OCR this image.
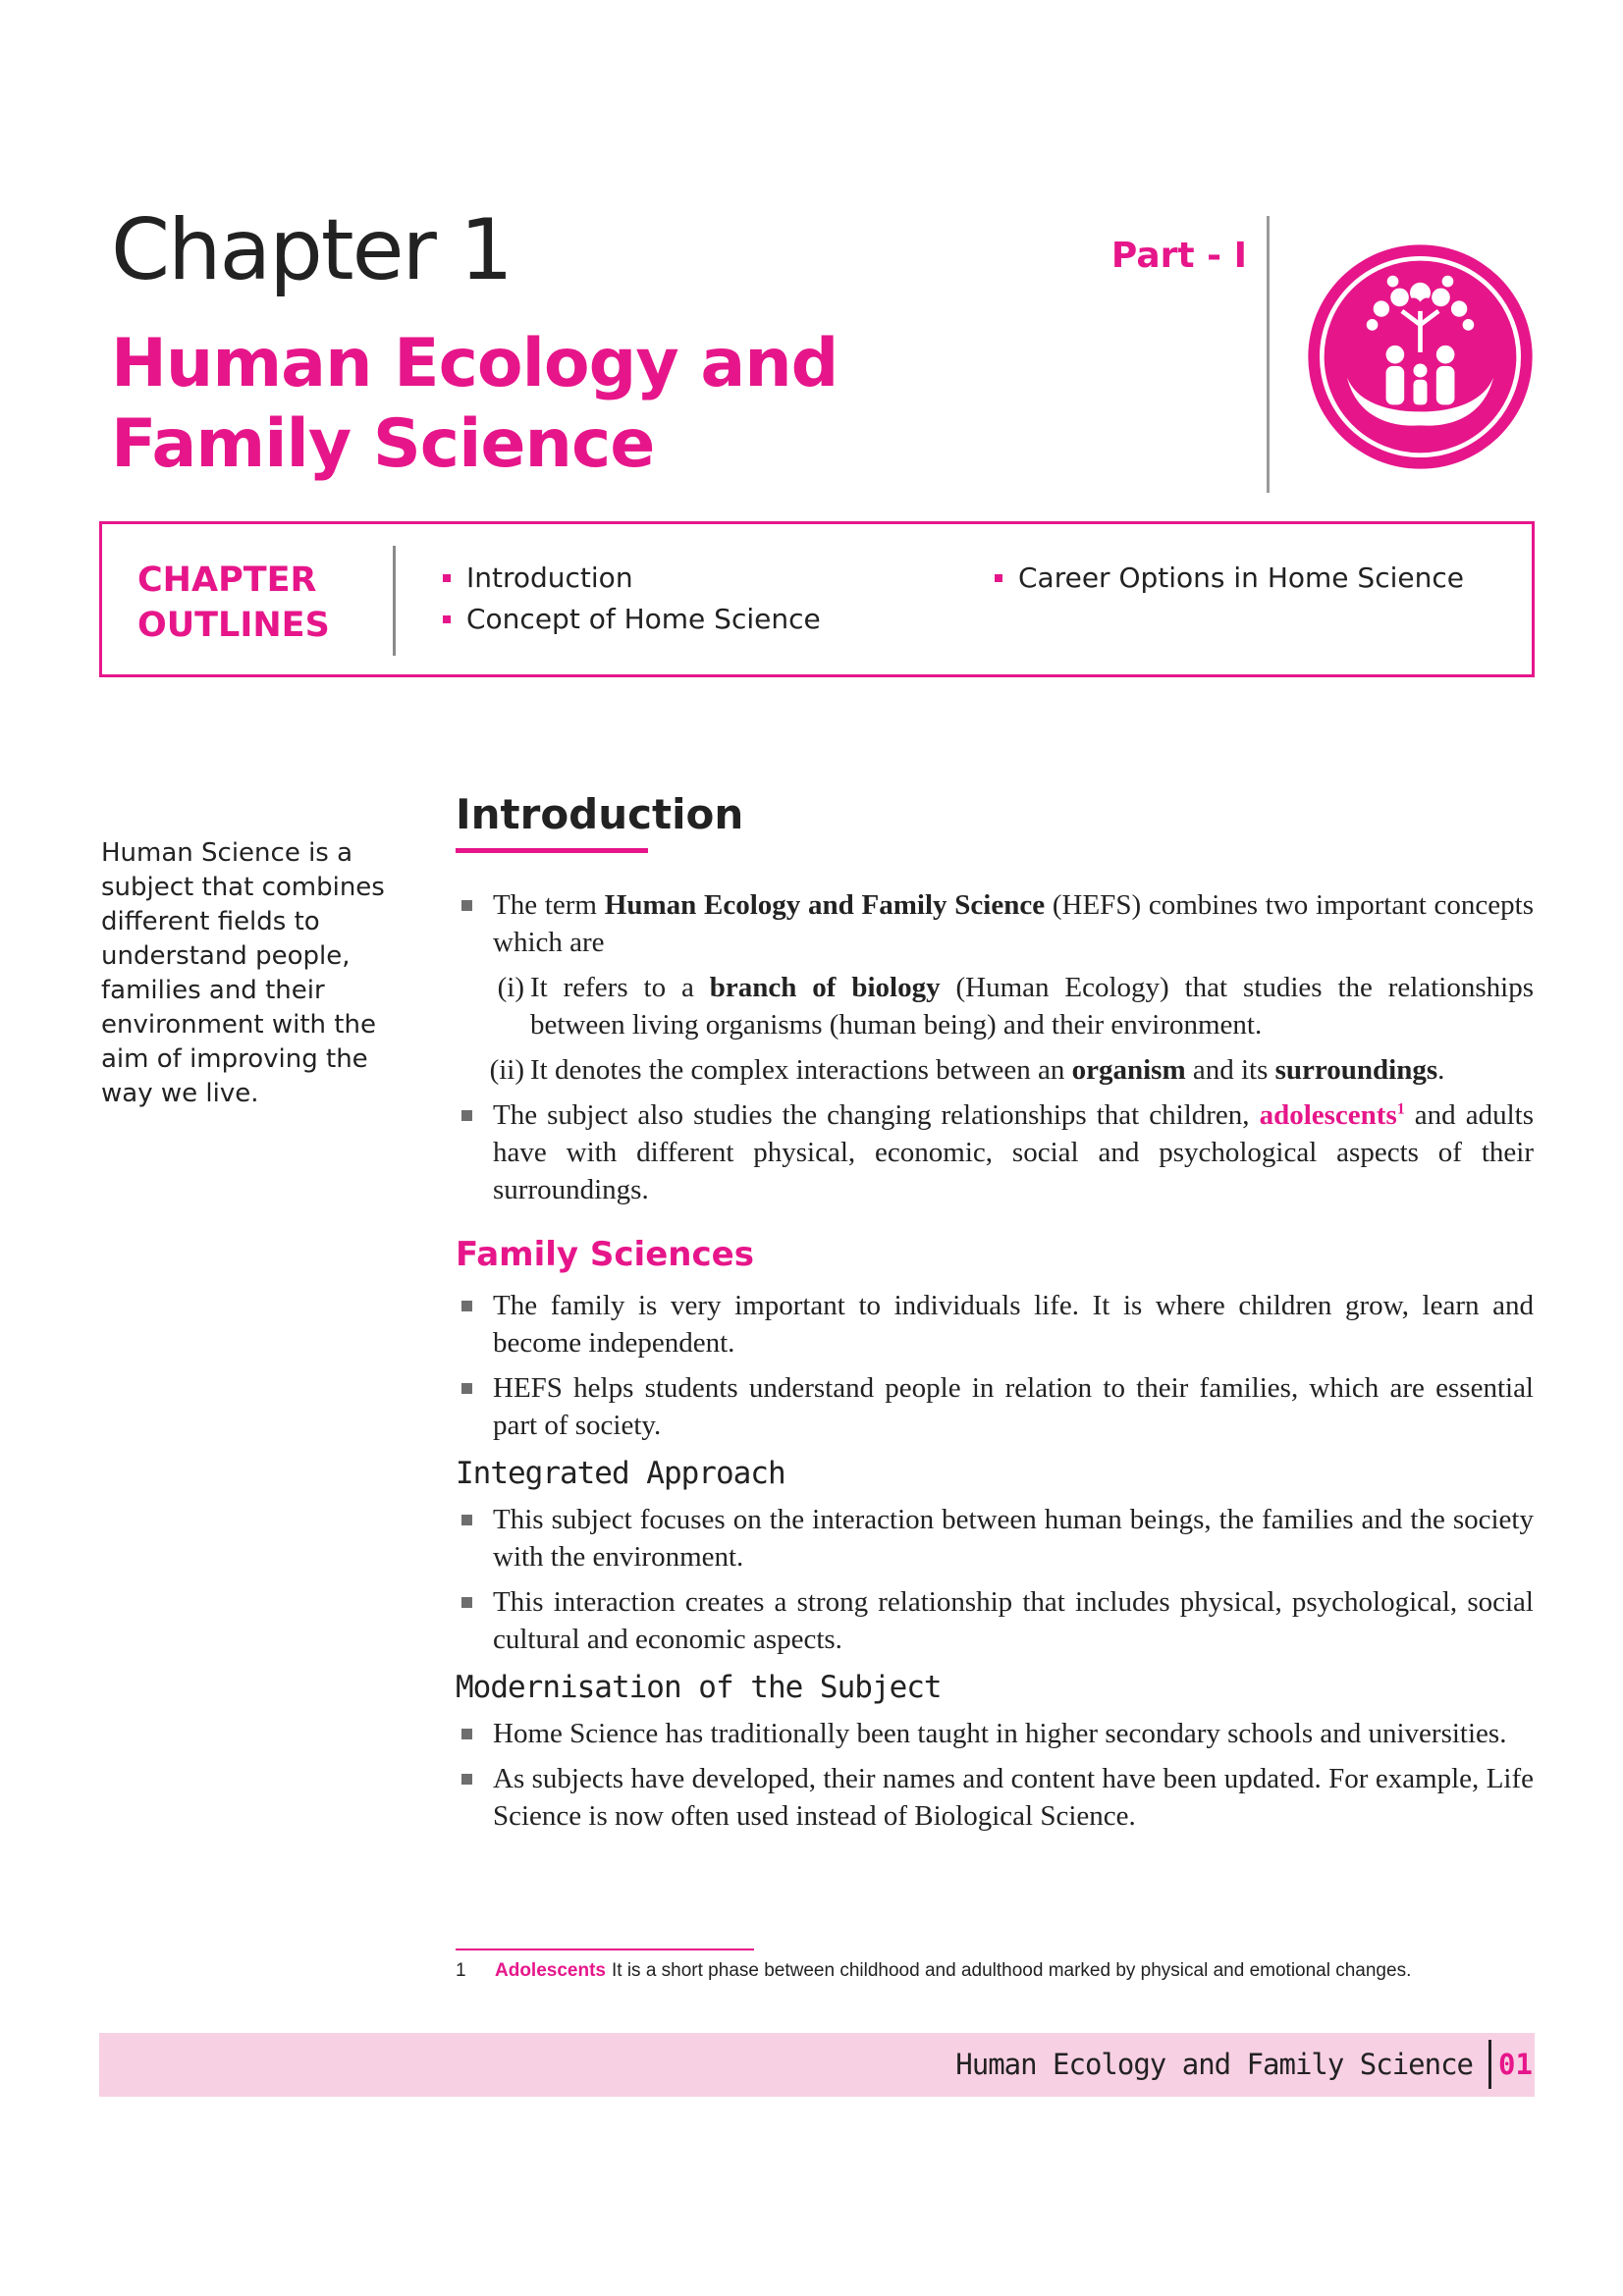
Chapter 1
Human Ecology and Family Science
Part - I
CHAPTER OUTLINES
Introduction
Concept of Home Science
Career Options in Home Science

Human Science is a subject that combines different fields to understand people, families and their environment with the aim of improving the way we live.

Introduction

The term Human Ecology and Family Science (HEFS) combines two important concepts which are

(i) It refers to a branch of biology (Human Ecology) that studies the relationships between living organisms (human being) and their environment.

(ii) It denotes the complex interactions between an organism and its surroundings.

The subject also studies the changing relationships that children, adolescents$^1$ and adults have with different physical, economic, social and psychological aspects of their surroundings.

Family Sciences

The family is very important to individuals life. It is where children grow, learn and become independent.

HEFS helps students understand people in relation to their families, which are essential part of society.

Integrated Approach

This subject focuses on the interaction between human beings, the families and the society with the environment.

This interaction creates a strong relationship that includes physical, psychological, social cultural and economic aspects.

Modernisation of the Subject

Home Science has traditionally been taught in higher secondary schools and universities.

As subjects have developed, their names and content have been updated. For example, Life Science is now often used instead of Biological Science.

1 Adolescents It is a short phase between childhood and adulthood marked by physical and emotional changes.
Human Ecology and Family Science 01
